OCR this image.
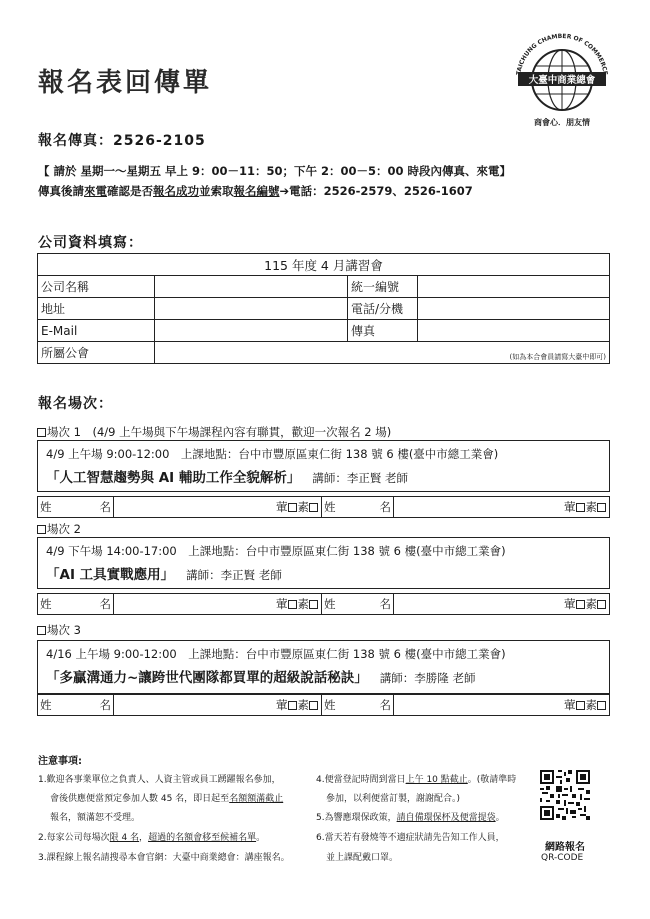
報名表回傳單
報名傳真：2526-2105
【 請於 星期一～星期五 早上 9：00－11：50；下午 2：00－5：00 時段內傳真、來電】
傳真後請來電確認是否報名成功並索取報名編號➔電話：2526-2579、2526-1607
大臺中商業總會
TAICHUNG CHAMBER OF COMMERCE
商會心．朋友情
公司資料填寫：
115 年度 4 月講習會			
公司名稱		統一編號	
地址		電話/分機	
E-Mail		傳真	
所屬公會	(如為本合會員請寫大臺中即可)		
報名場次：
場次 1　(4/9 上午場與下午場課程內容有聯貫，歡迎一次報名 2 場)
4/9 上午場 9:00-12:00　上課地點：台中市豐原區東仁街 138 號 6 樓(臺中市總工業會)
「人工智慧趨勢與 AI 輔助工作全貌解析」 講師：李正賢 老師
姓	名	葷 素 姓	名	葷 素
場次 2
4/9 下午場 14:00-17:00　上課地點：台中市豐原區東仁街 138 號 6 樓(臺中市總工業會)
「AI 工具實戰應用」 講師：李正賢 老師
姓	名	葷 素 姓	名	葷 素
場次 3
4/16 上午場 9:00-12:00　上課地點：台中市豐原區東仁街 138 號 6 樓(臺中市總工業會)
「多贏溝通力~讓跨世代團隊都買單的超級說話秘訣」 講師：李勝隆 老師
姓	名	葷 素 姓	名	葷 素
注意事項:
1.歡迎各事業單位之負責人、人資主管或員工踴躍報名參加，
會後供應便當預定參加人數 45 名，即日起至名額額滿截止
報名，額滿恕不受理。
2.每家公司每場次限 4 名，超過的名額會移至候補名單。
3.課程線上報名請搜尋本會官網：大臺中商業總會：講座報名。
4.便當登記時間到當日上午 10 點截止。(敬請準時
參加，以利便當訂製，謝謝配合。)
5.為響應環保政策，請自備環保杯及便當提袋。
6.當天若有發燒等不適症狀請先告知工作人員，
並上課配戴口罩。
網路報名
QR-CODE
